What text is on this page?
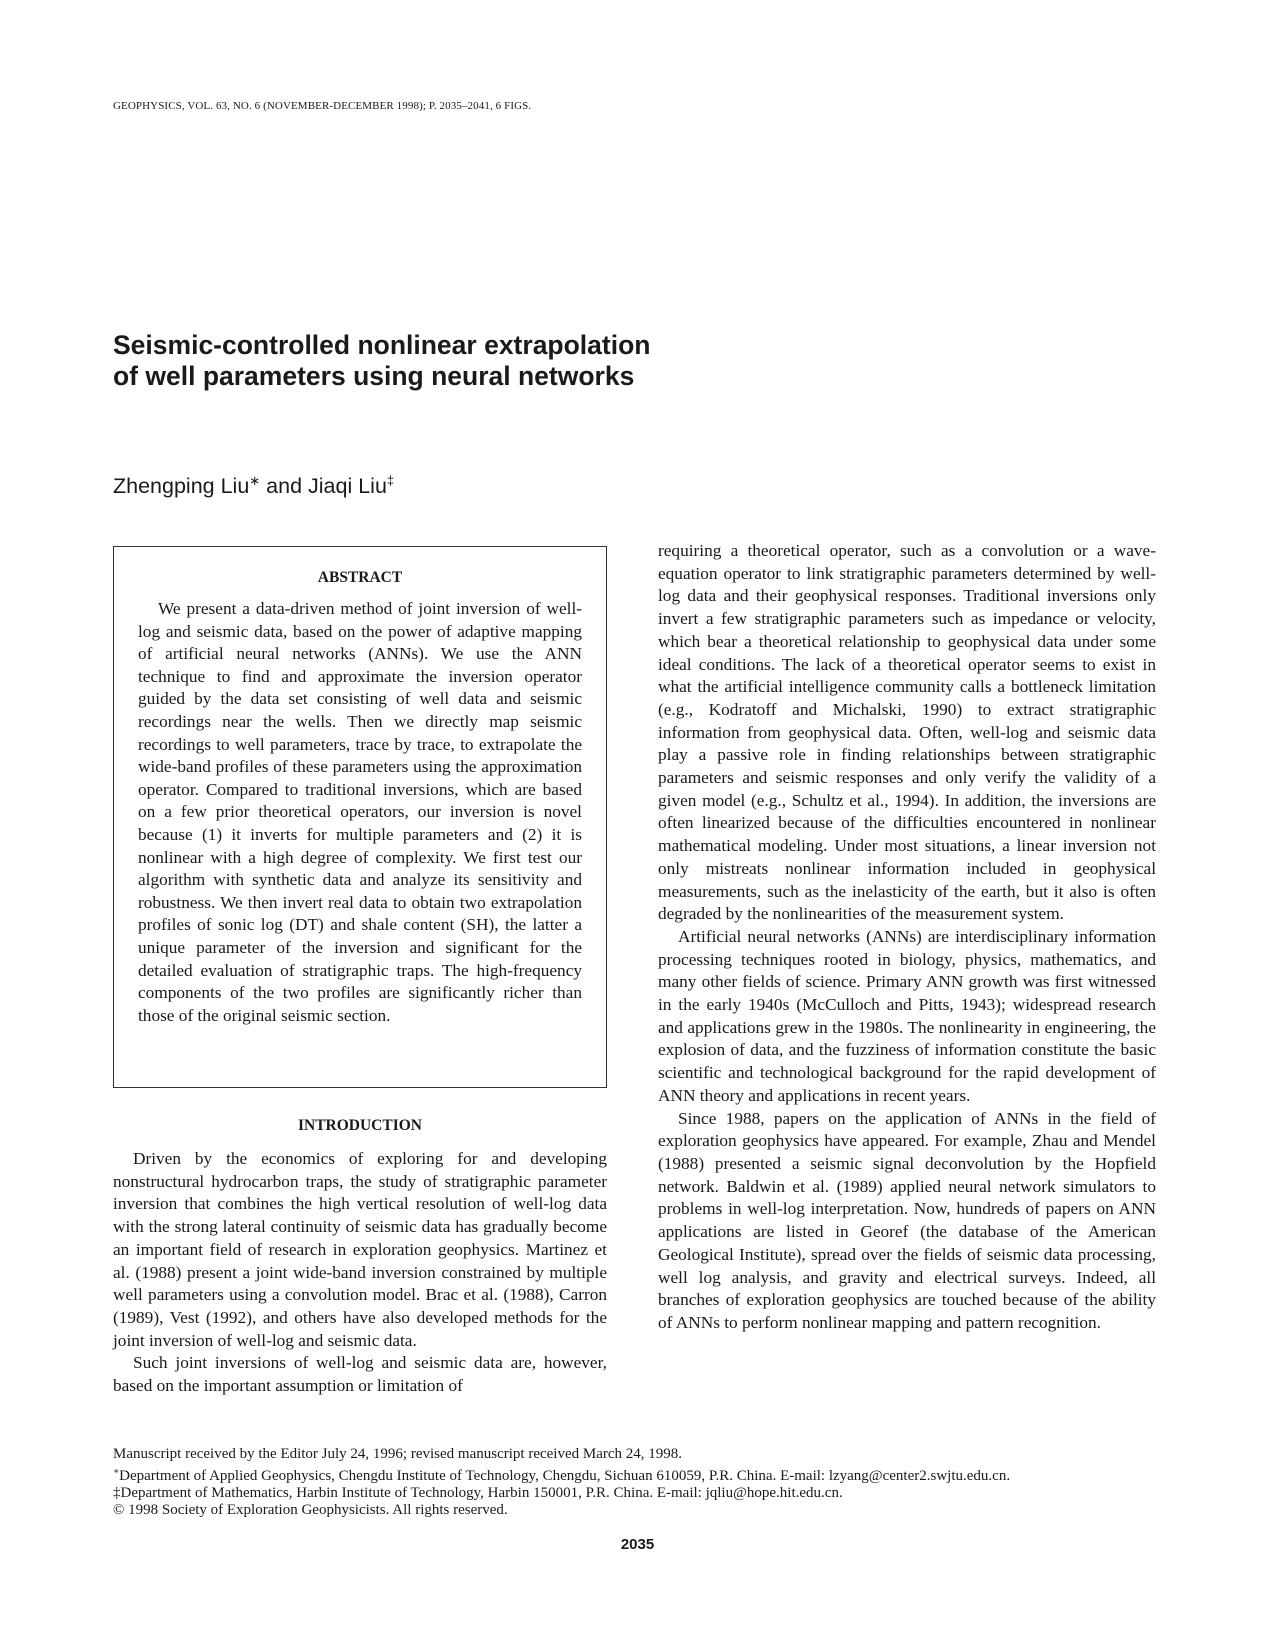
GEOPHYSICS, VOL. 63, NO. 6 (NOVEMBER-DECEMBER 1998); P. 2035–2041, 6 FIGS.
Seismic-controlled nonlinear extrapolation
of well parameters using neural networks
Zhengping Liu∗ and Jiaqi Liu‡
ABSTRACT

We present a data-driven method of joint inversion of well-log and seismic data, based on the power of adaptive mapping of artificial neural networks (ANNs). We use the ANN technique to find and approximate the inversion operator guided by the data set consisting of well data and seismic recordings near the wells. Then we directly map seismic recordings to well parameters, trace by trace, to extrapolate the wide-band profiles of these parameters using the approximation operator. Compared to traditional inversions, which are based on a few prior theoretical operators, our inversion is novel because (1) it inverts for multiple parameters and (2) it is nonlinear with a high degree of complexity. We first test our algorithm with synthetic data and analyze its sensitivity and robustness. We then invert real data to obtain two extrapolation profiles of sonic log (DT) and shale content (SH), the latter a unique parameter of the inversion and significant for the detailed evaluation of stratigraphic traps. The high-frequency components of the two profiles are significantly richer than those of the original seismic section.

INTRODUCTION

Driven by the economics of exploring for and developing nonstructural hydrocarbon traps, the study of stratigraphic parameter inversion that combines the high vertical resolution of well-log data with the strong lateral continuity of seismic data has gradually become an important field of research in exploration geophysics. Martinez et al. (1988) present a joint wide-band inversion constrained by multiple well parameters using a convolution model. Brac et al. (1988), Carron (1989), Vest (1992), and others have also developed methods for the joint inversion of well-log and seismic data.

Such joint inversions of well-log and seismic data are, however, based on the important assumption or limitation of

requiring a theoretical operator, such as a convolution or a wave-equation operator to link stratigraphic parameters determined by well-log data and their geophysical responses. Traditional inversions only invert a few stratigraphic parameters such as impedance or velocity, which bear a theoretical relationship to geophysical data under some ideal conditions. The lack of a theoretical operator seems to exist in what the artificial intelligence community calls a bottleneck limitation (e.g., Kodratoff and Michalski, 1990) to extract stratigraphic information from geophysical data. Often, well-log and seismic data play a passive role in finding relationships between stratigraphic parameters and seismic responses and only verify the validity of a given model (e.g., Schultz et al., 1994). In addition, the inversions are often linearized because of the difficulties encountered in nonlinear mathematical modeling. Under most situations, a linear inversion not only mistreats nonlinear information included in geophysical measurements, such as the inelasticity of the earth, but it also is often degraded by the nonlinearities of the measurement system.

Artificial neural networks (ANNs) are interdisciplinary information processing techniques rooted in biology, physics, mathematics, and many other fields of science. Primary ANN growth was first witnessed in the early 1940s (McCulloch and Pitts, 1943); widespread research and applications grew in the 1980s. The nonlinearity in engineering, the explosion of data, and the fuzziness of information constitute the basic scientific and technological background for the rapid development of ANN theory and applications in recent years.

Since 1988, papers on the application of ANNs in the field of exploration geophysics have appeared. For example, Zhau and Mendel (1988) presented a seismic signal deconvolution by the Hopfield network. Baldwin et al. (1989) applied neural network simulators to problems in well-log interpretation. Now, hundreds of papers on ANN applications are listed in Georef (the database of the American Geological Institute), spread over the fields of seismic data processing, well log analysis, and gravity and electrical surveys. Indeed, all branches of exploration geophysics are touched because of the ability of ANNs to perform nonlinear mapping and pattern recognition.

Manuscript received by the Editor July 24, 1996; revised manuscript received March 24, 1998.
∗Department of Applied Geophysics, Chengdu Institute of Technology, Chengdu, Sichuan 610059, P.R. China. E-mail: lzyang@center2.swjtu.edu.cn.
‡Department of Mathematics, Harbin Institute of Technology, Harbin 150001, P.R. China. E-mail: jqliu@hope.hit.edu.cn.
© 1998 Society of Exploration Geophysicists. All rights reserved.
2035
